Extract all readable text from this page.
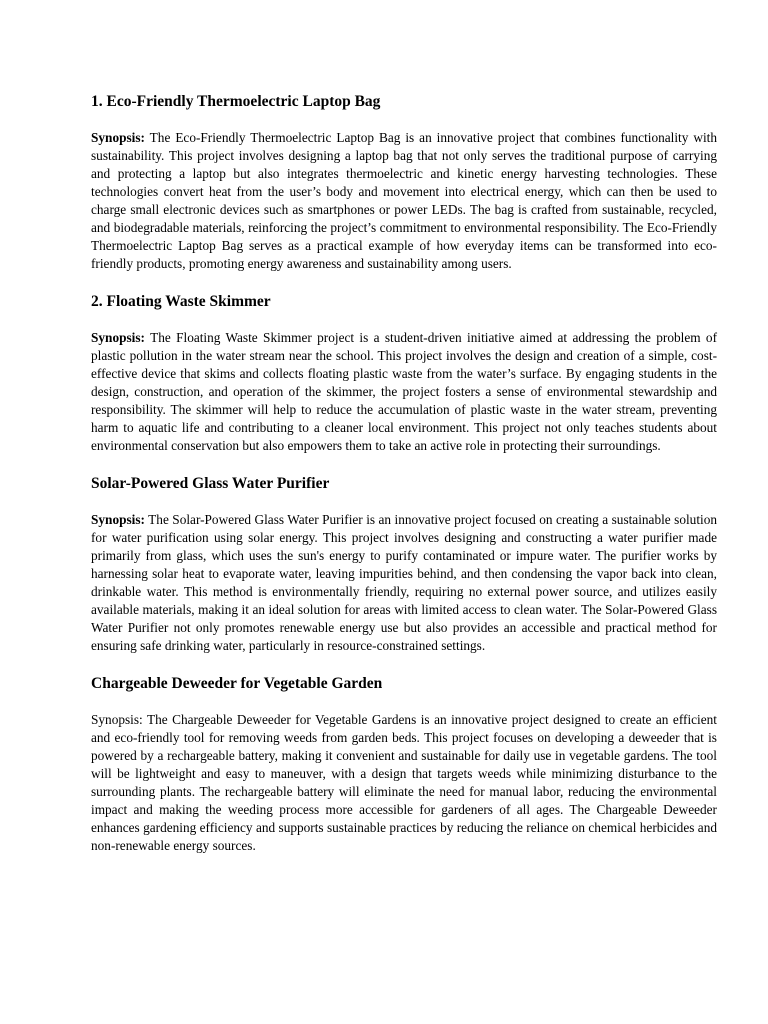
1. Eco-Friendly Thermoelectric Laptop Bag

Synopsis: The Eco-Friendly Thermoelectric Laptop Bag is an innovative project that combines functionality with sustainability. This project involves designing a laptop bag that not only serves the traditional purpose of carrying and protecting a laptop but also integrates thermoelectric and kinetic energy harvesting technologies. These technologies convert heat from the user’s body and movement into electrical energy, which can then be used to charge small electronic devices such as smartphones or power LEDs. The bag is crafted from sustainable, recycled, and biodegradable materials, reinforcing the project’s commitment to environmental responsibility. The Eco-Friendly Thermoelectric Laptop Bag serves as a practical example of how everyday items can be transformed into eco-friendly products, promoting energy awareness and sustainability among users.

2. Floating Waste Skimmer

Synopsis: The Floating Waste Skimmer project is a student-driven initiative aimed at addressing the problem of plastic pollution in the water stream near the school. This project involves the design and creation of a simple, cost-effective device that skims and collects floating plastic waste from the water’s surface. By engaging students in the design, construction, and operation of the skimmer, the project fosters a sense of environmental stewardship and responsibility. The skimmer will help to reduce the accumulation of plastic waste in the water stream, preventing harm to aquatic life and contributing to a cleaner local environment. This project not only teaches students about environmental conservation but also empowers them to take an active role in protecting their surroundings.

Solar-Powered Glass Water Purifier

Synopsis: The Solar-Powered Glass Water Purifier is an innovative project focused on creating a sustainable solution for water purification using solar energy. This project involves designing and constructing a water purifier made primarily from glass, which uses the sun's energy to purify contaminated or impure water. The purifier works by harnessing solar heat to evaporate water, leaving impurities behind, and then condensing the vapor back into clean, drinkable water. This method is environmentally friendly, requiring no external power source, and utilizes easily available materials, making it an ideal solution for areas with limited access to clean water. The Solar-Powered Glass Water Purifier not only promotes renewable energy use but also provides an accessible and practical method for ensuring safe drinking water, particularly in resource-constrained settings.

Chargeable Deweeder for Vegetable Garden

Synopsis: The Chargeable Deweeder for Vegetable Gardens is an innovative project designed to create an efficient and eco-friendly tool for removing weeds from garden beds. This project focuses on developing a deweeder that is powered by a rechargeable battery, making it convenient and sustainable for daily use in vegetable gardens. The tool will be lightweight and easy to maneuver, with a design that targets weeds while minimizing disturbance to the surrounding plants. The rechargeable battery will eliminate the need for manual labor, reducing the environmental impact and making the weeding process more accessible for gardeners of all ages. The Chargeable Deweeder enhances gardening efficiency and supports sustainable practices by reducing the reliance on chemical herbicides and non-renewable energy sources.
